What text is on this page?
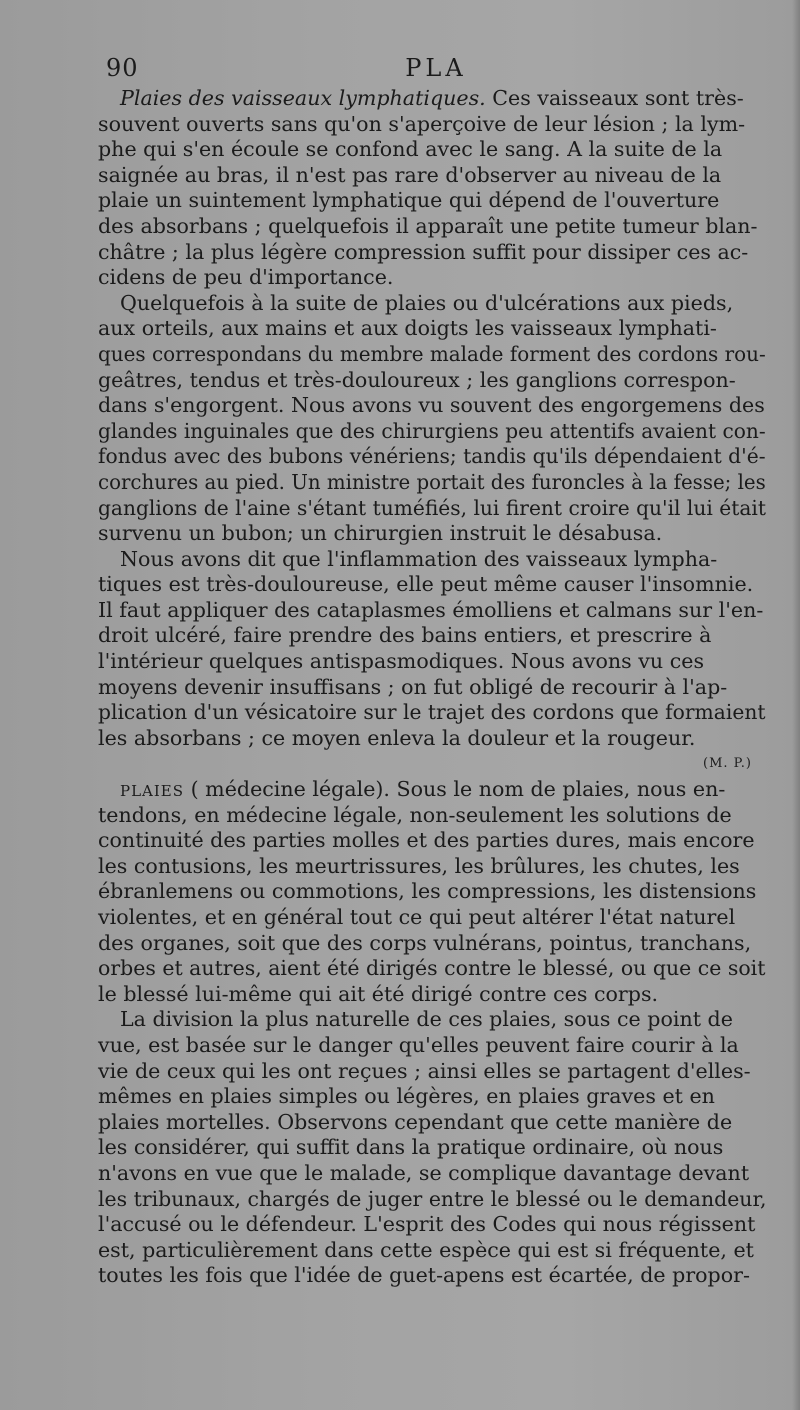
90	PLA
Plaies des vaisseaux lymphatiques. Ces vaisseaux sont très-
souvent ouverts sans qu'on s'aperçoive de leur lésion ; la lym-
phe qui s'en écoule se confond avec le sang. A la suite de la
saignée au bras, il n'est pas rare d'observer au niveau de la
plaie un suintement lymphatique qui dépend de l'ouverture
des absorbans ; quelquefois il apparaît une petite tumeur blan-
châtre ; la plus légère compression suffit pour dissiper ces ac-
cidens de peu d'importance.
Quelquefois à la suite de plaies ou d'ulcérations aux pieds,
aux orteils, aux mains et aux doigts les vaisseaux lymphati-
ques correspondans du membre malade forment des cordons rou-
geâtres, tendus et très-douloureux ; les ganglions correspon-
dans s'engorgent. Nous avons vu souvent des engorgemens des
glandes inguinales que des chirurgiens peu attentifs avaient con-
fondus avec des bubons vénériens; tandis qu'ils dépendaient d'é-
corchures au pied. Un ministre portait des furoncles à la fesse; les
ganglions de l'aine s'étant tuméfiés, lui firent croire qu'il lui était
survenu un bubon; un chirurgien instruit le désabusa.
Nous avons dit que l'inflammation des vaisseaux lympha-
tiques est très-douloureuse, elle peut même causer l'insomnie.
Il faut appliquer des cataplasmes émolliens et calmans sur l'en-
droit ulcéré, faire prendre des bains entiers, et prescrire à
l'intérieur quelques antispasmodiques. Nous avons vu ces
moyens devenir insuffisans ; on fut obligé de recourir à l'ap-
plication d'un vésicatoire sur le trajet des cordons que formaient
les absorbans ; ce moyen enleva la douleur et la rougeur.
(M. P.)
PLAIES ( médecine légale). Sous le nom de plaies, nous en-
tendons, en médecine légale, non-seulement les solutions de
continuité des parties molles et des parties dures, mais encore
les contusions, les meurtrissures, les brûlures, les chutes, les
ébranlemens ou commotions, les compressions, les distensions
violentes, et en général tout ce qui peut altérer l'état naturel
des organes, soit que des corps vulnérans, pointus, tranchans,
orbes et autres, aient été dirigés contre le blessé, ou que ce soit
le blessé lui-même qui ait été dirigé contre ces corps.
La division la plus naturelle de ces plaies, sous ce point de
vue, est basée sur le danger qu'elles peuvent faire courir à la
vie de ceux qui les ont reçues ; ainsi elles se partagent d'elles-
mêmes en plaies simples ou légères, en plaies graves et en
plaies mortelles. Observons cependant que cette manière de
les considérer, qui suffit dans la pratique ordinaire, où nous
n'avons en vue que le malade, se complique davantage devant
les tribunaux, chargés de juger entre le blessé ou le demandeur,
l'accusé ou le défendeur. L'esprit des Codes qui nous régissent
est, particulièrement dans cette espèce qui est si fréquente, et
toutes les fois que l'idée de guet-apens est écartée, de propor-
